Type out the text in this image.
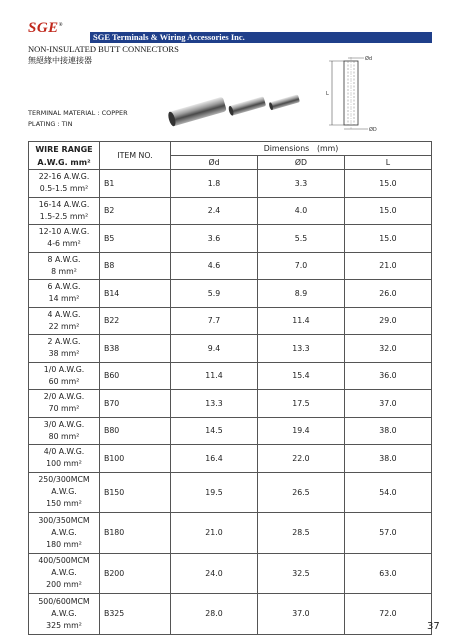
SGE®
SGE Terminals & Wiring Accessories Inc.
NON-INSULATED BUTT CONNECTORS
無絕緣中接連接器	Ød
L
ØD
TERMINAL MATERIAL : COPPER
PLATING : TIN
WIRE RANGE
A.W.G. mm²	ITEM NO.	Dimensions　(mm)		
		Ød	ØD	L
22-16 A.W.G.
0.5-1.5 mm²	B1	1.8	3.3	15.0
16-14 A.W.G.
1.5-2.5 mm²	B2	2.4	4.0	15.0
12-10 A.W.G.
4-6 mm²	B5	3.6	5.5	15.0
8 A.W.G.
8 mm²	B8	4.6	7.0	21.0
6 A.W.G.
14 mm²	B14	5.9	8.9	26.0
4 A.W.G.
22 mm²	B22	7.7	11.4	29.0
2 A.W.G.
38 mm²	B38	9.4	13.3	32.0
1/0 A.W.G.
60 mm²	B60	11.4	15.4	36.0
2/0 A.W.G.
70 mm²	B70	13.3	17.5	37.0
3/0 A.W.G.
80 mm²	B80	14.5	19.4	38.0
4/0 A.W.G.
100 mm²	B100	16.4	22.0	38.0
250/300MCM
A.W.G.
150 mm²	B150	19.5	26.5	54.0
300/350MCM
A.W.G.
180 mm²	B180	21.0	28.5	57.0
400/500MCM
A.W.G.
200 mm²	B200	24.0	32.5	63.0
500/600MCM
A.W.G.
325 mm²	B325	28.0	37.0	72.0
37
